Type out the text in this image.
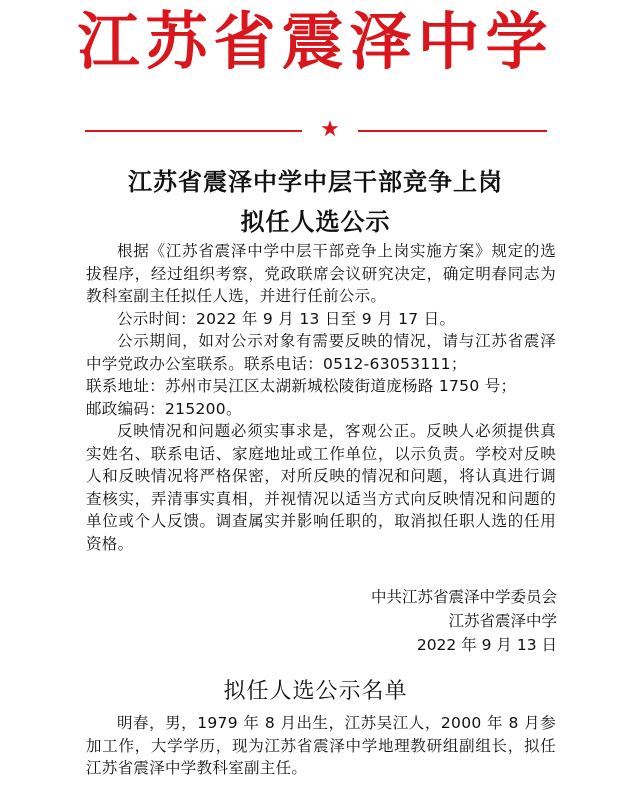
江苏省震泽中学
★
江苏省震泽中学中层干部竞争上岗
拟任人选公示

根据《江苏省震泽中学中层干部竞争上岗实施方案》规定的选拔程序，经过组织考察，党政联席会议研究决定，确定明春同志为教科室副主任拟任人选，并进行任前公示。

公示时间：2022 年 9 月 13 日至 9 月 17 日。

公示期间，如对公示对象有需要反映的情况，请与江苏省震泽中学党政办公室联系。联系电话：0512-63053111；

联系地址：苏州市吴江区太湖新城松陵街道庞杨路 1750 号；

邮政编码：215200。

反映情况和问题必须实事求是，客观公正。反映人必须提供真实姓名、联系电话、家庭地址或工作单位，以示负责。学校对反映人和反映情况将严格保密，对所反映的情况和问题，将认真进行调查核实，弄清事实真相，并视情况以适当方式向反映情况和问题的单位或个人反馈。调查属实并影响任职的，取消拟任职人选的任用资格。

中共江苏省震泽中学委员会
江苏省震泽中学
2022 年 9 月 13 日
拟任人选公示名单

明春，男，1979 年 8 月出生，江苏吴江人，2000 年 8 月参加工作，大学学历，现为江苏省震泽中学地理教研组副组长，拟任江苏省震泽中学教科室副主任。
